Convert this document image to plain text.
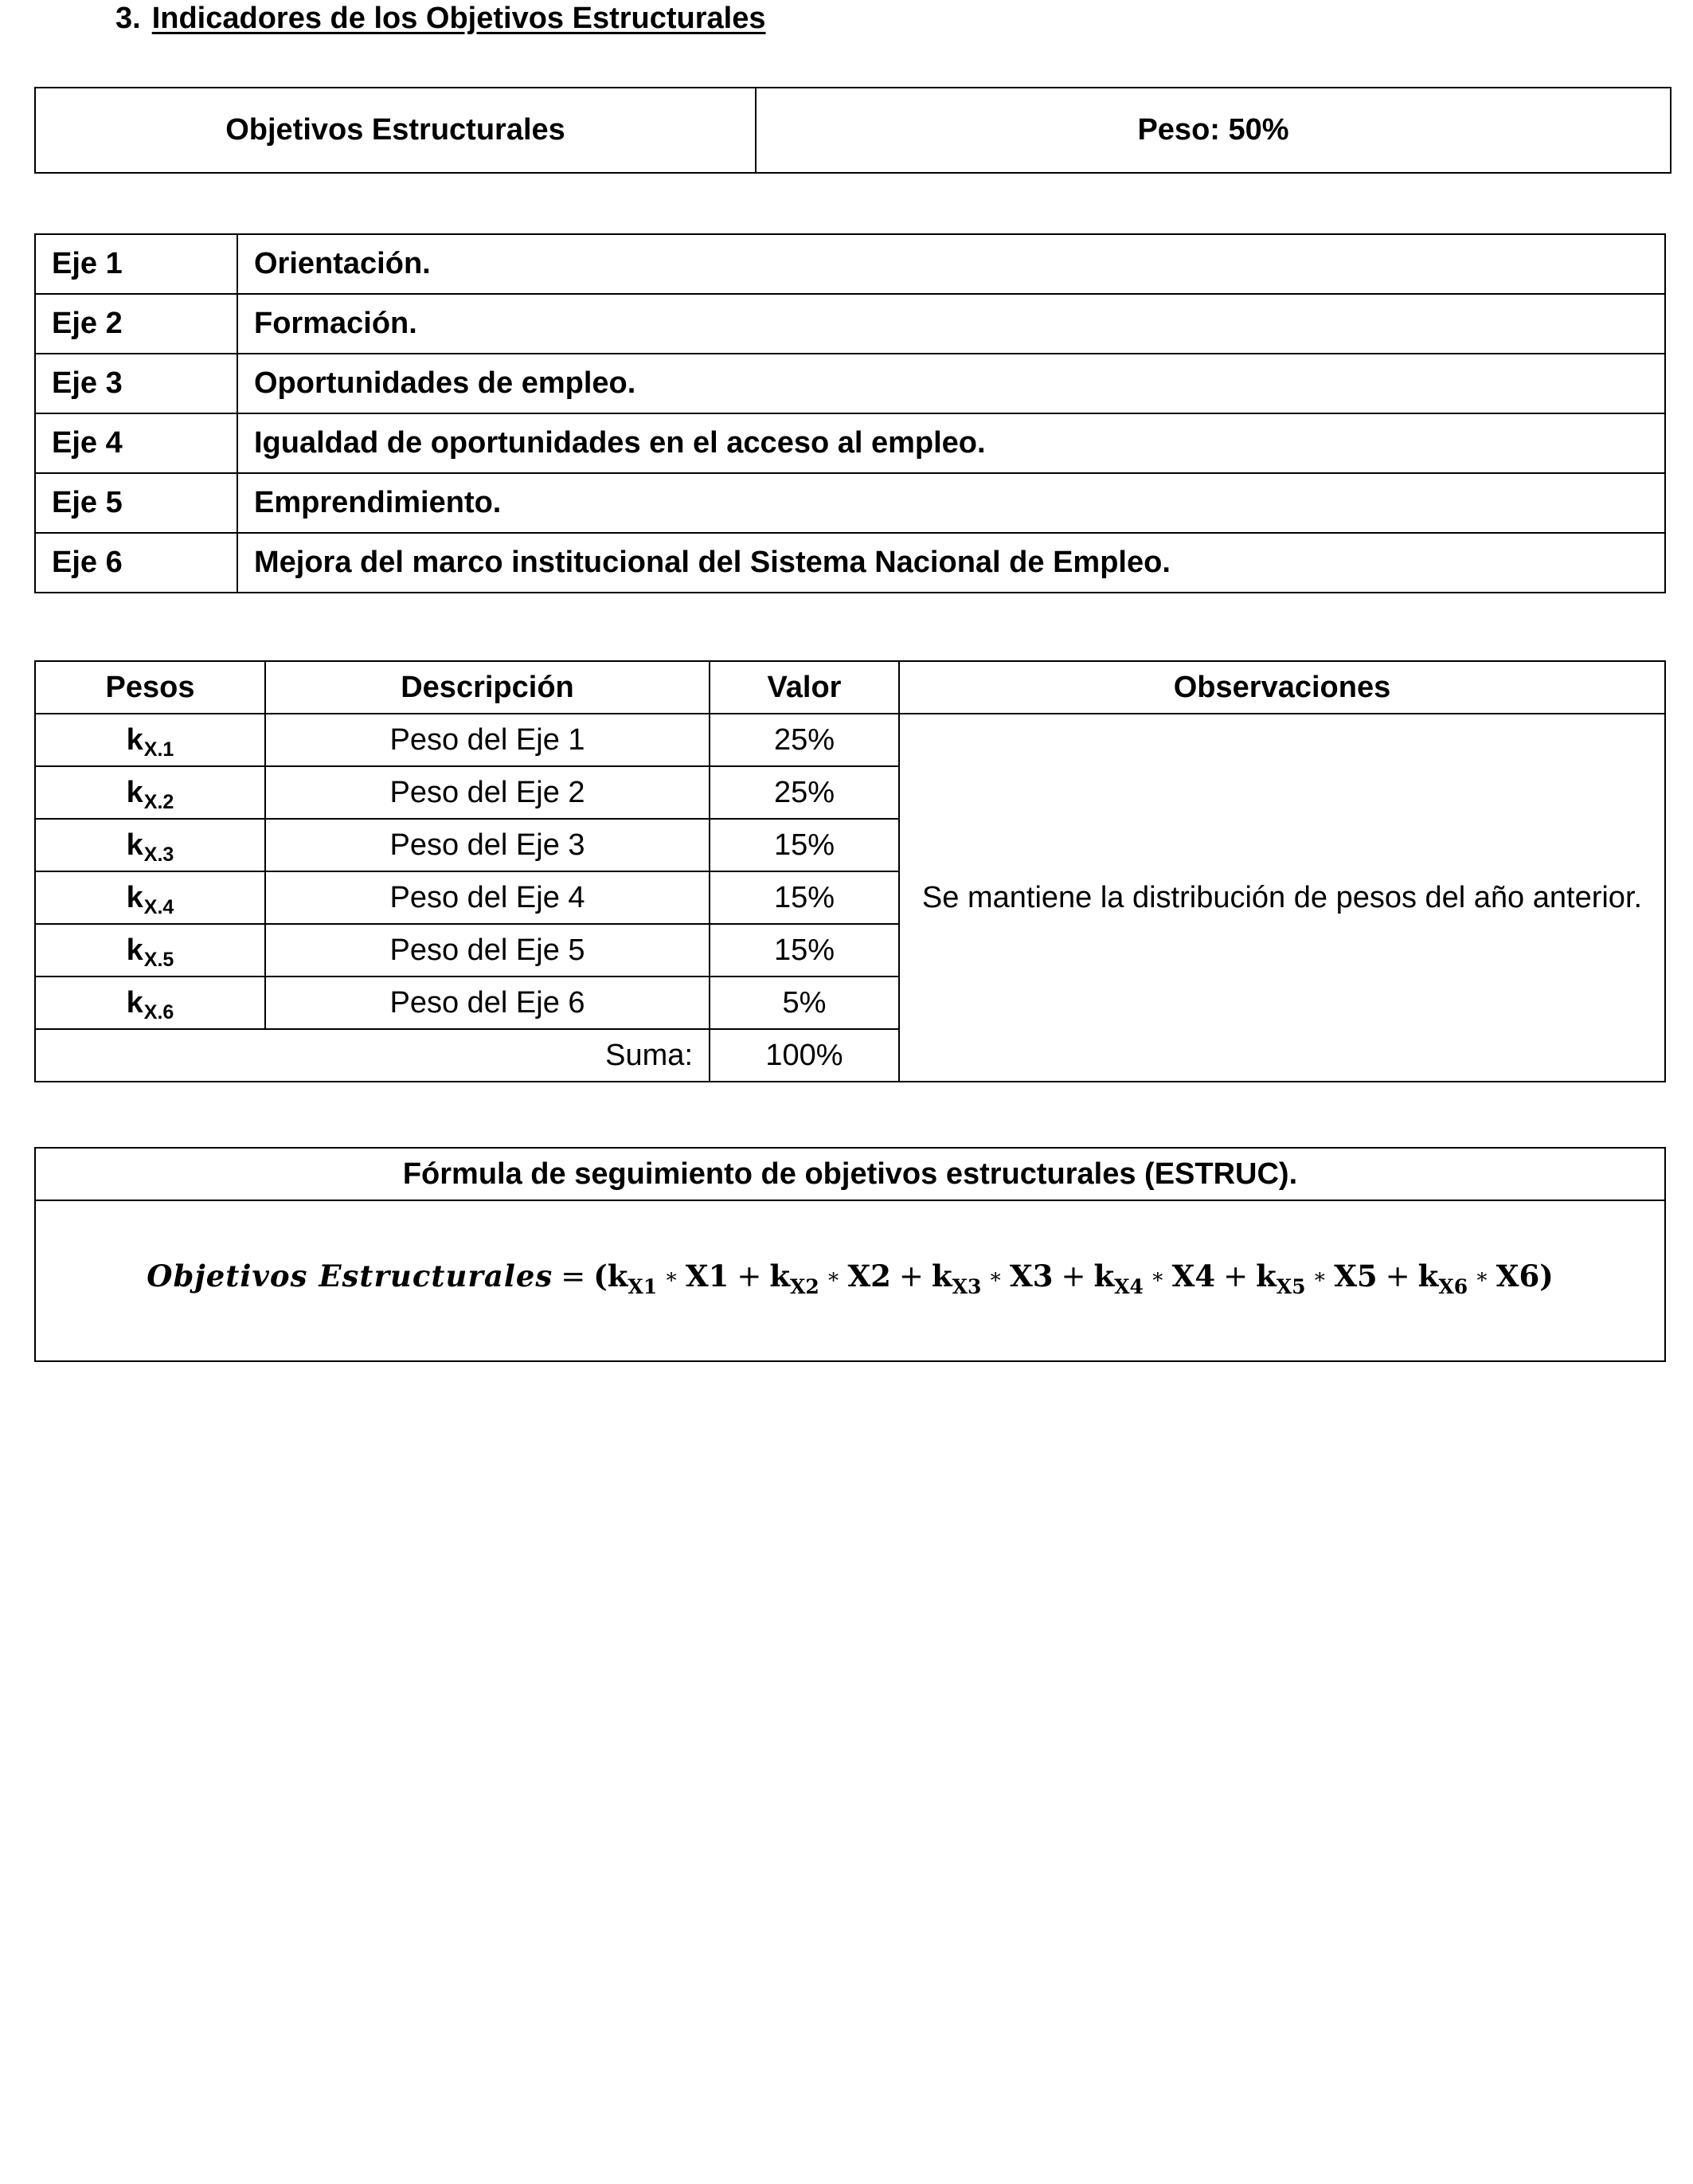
3. Indicadores de los Objetivos Estructurales
Objetivos Estructurales	Peso: 50%
Eje 1	Orientación.
Eje 2	Formación.
Eje 3	Oportunidades de empleo.
Eje 4	Igualdad de oportunidades en el acceso al empleo.
Eje 5	Emprendimiento.
Eje 6	Mejora del marco institucional del Sistema Nacional de Empleo.
Pesos	Descripción	Valor	Observaciones
$k_{X.1}$	Peso del Eje 1	25%	Se mantiene la distribución de pesos del año anterior.
$k_{X.2}$	Peso del Eje 2	25%	
$k_{X.3}$	Peso del Eje 3	15%	
$k_{X.4}$	Peso del Eje 4	15%	
$k_{X.5}$	Peso del Eje 5	15%	
$k_{X.6}$	Peso del Eje 6	5%	
Suma:		100%	
Fórmula de seguimiento de objetivos estructurales (ESTRUC).
Objetivos Estructurales = ($k_{X1}$ ∗ $X1 + k_{X2}$ ∗ $X2 + k_{X3}$ ∗ $X3 + k_{X4}$ ∗ $X4 + k_{X5}$ ∗ $X5 + k_{X6}$ ∗ X6)
